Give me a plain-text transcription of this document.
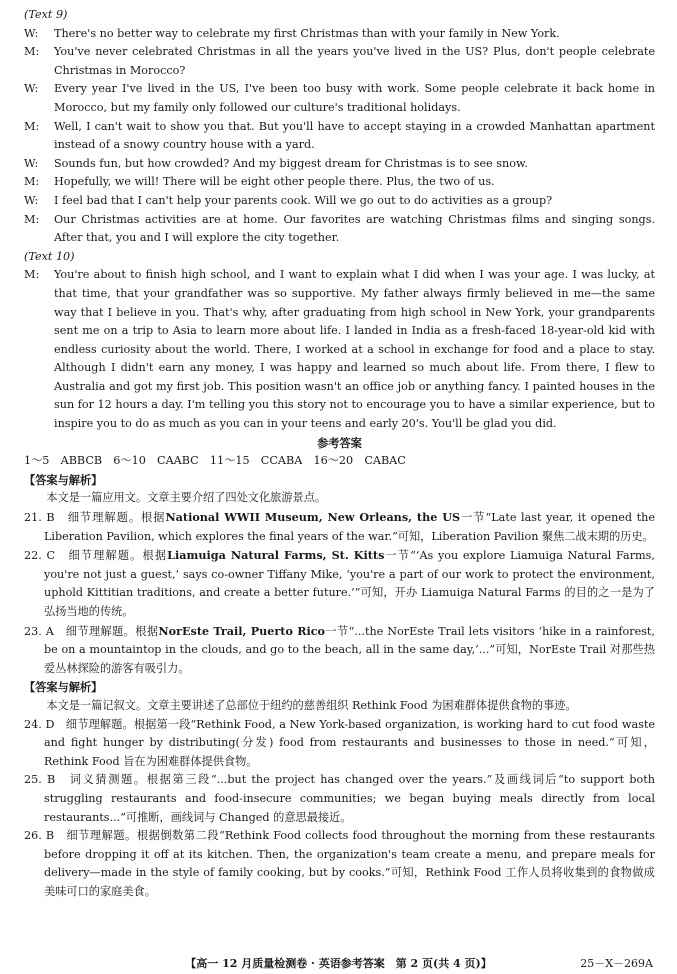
(Text 9)
W: There's no better way to celebrate my first Christmas than with your family in New York.
M: You've never celebrated Christmas in all the years you've lived in the US? Plus, don't people celebrate Christmas in Morocco?
W: Every year I've lived in the US, I've been too busy with work. Some people celebrate it back home in Morocco, but my family only followed our culture's traditional holidays.
M: Well, I can't wait to show you that. But you'll have to accept staying in a crowded Manhattan apartment instead of a snowy country house with a yard.
W: Sounds fun, but how crowded? And my biggest dream for Christmas is to see snow.
M: Hopefully, we will! There will be eight other people there. Plus, the two of us.
W: I feel bad that I can't help your parents cook. Will we go out to do activities as a group?
M: Our Christmas activities are at home. Our favorites are watching Christmas films and singing songs. After that, you and I will explore the city together.
(Text 10)
M: You're about to finish high school, and I want to explain what I did when I was your age. I was lucky, at that time, that your grandfather was so supportive. My father always firmly believed in me—the same way that I believe in you. That's why, after graduating from high school in New York, your grandparents sent me on a trip to Asia to learn more about life. I landed in India as a fresh-faced 18-year-old kid with endless curiosity about the world. There, I worked at a school in exchange for food and a place to stay. Although I didn't earn any money, I was happy and learned so much about life. From there, I flew to Australia and got my first job. This position wasn't an office job or anything fancy. I painted houses in the sun for 12 hours a day. I'm telling you this story not to encourage you to have a similar experience, but to inspire you to do as much as you can in your teens and early 20's. You'll be glad you did.
参考答案
1～5　ABBCB　6～10　CAABC　11～15　CCABA　16～20　CABAC
【答案与解析】
本文是一篇应用文。文章主要介绍了四处文化旅游景点。
21. B　 细节理解题。根据National WWII Museum, New Orleans, the US一节“Late last year, it opened the Liberation Pavilion, which explores the final years of the war.”可知，Liberation Pavilion 聚焦二战末期的历史。
22. C　 细节理解题。根据Liamuiga Natural Farms, St. Kitts一节“‘As you explore Liamuiga Natural Farms, you're not just a guest,’ says co-owner Tiffany Mike, ‘you're a part of our work to protect the environment, uphold Kittitian traditions, and create a better future.’”可知，开办 Liamuiga Natural Farms 的目的之一是为了弘扬当地的传统。
23. A　 细节理解题。根据NorEste Trail, Puerto Rico一节“...the NorEste Trail lets visitors ‘hike in a rainforest, be on a mountaintop in the clouds, and go to the beach, all in the same day,’...”可知，NorEste Trail 对那些热爱丛林探险的游客有吸引力。
【答案与解析】
本文是一篇记叙文。文章主要讲述了总部位于纽约的慈善组织 Rethink Food 为困难群体提供食物的事迹。
24. D　 细节理解题。根据第一段“Rethink Food, a New York-based organization, is working hard to cut food waste and fight hunger by distributing(分发) food from restaurants and businesses to those in need.”可知，Rethink Food 旨在为困难群体提供食物。
25. B　 词义猜测题。根据第三段“...but the project has changed over the years.”及画线词后“to support both struggling restaurants and food-insecure communities; we began buying meals directly from local restaurants...”可推断，画线词与 Changed 的意思最接近。
26. B　 细节理解题。根据倒数第二段“Rethink Food collects food throughout the morning from these restaurants before dropping it off at its kitchen. Then, the organization's team create a menu, and prepare meals for delivery—made in the style of family cooking, but by cooks.”可知，Rethink Food 工作人员将收集到的食物做成美味可口的家庭美食。
【高一 12 月质量检测卷 · 英语参考答案　第 2 页(共 4 页)】	25－X－269A
